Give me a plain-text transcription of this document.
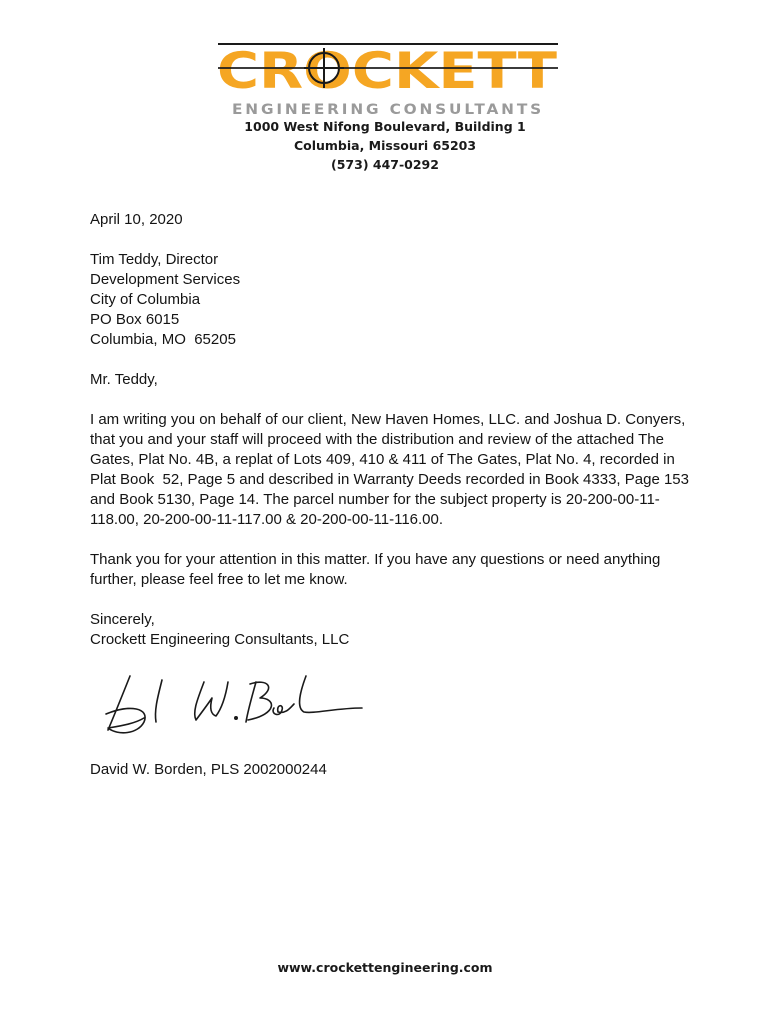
CROCKETT
ENGINEERING CONSULTANTS
1000 West Nifong Boulevard, Building 1
Columbia, Missouri 65203
(573) 447-0292

April 10, 2020

Tim Teddy, Director
Development Services
City of Columbia
PO Box 6015
Columbia, MO  65205

Mr. Teddy,

I am writing you on behalf of our client, New Haven Homes, LLC. and Joshua D. Conyers, that you and your staff will proceed with the distribution and review of the attached The Gates, Plat No. 4B, a replat of Lots 409, 410 & 411 of The Gates, Plat No. 4, recorded in Plat Book  52, Page 5 and described in Warranty Deeds recorded in Book 4333, Page 153 and Book 5130, Page 14. The parcel number for the subject property is 20-200-00-11-118.00, 20-200-00-11-117.00 & 20-200-00-11-116.00.

Thank you for your attention in this matter. If you have any questions or need anything further, please feel free to let me know.

Sincerely,
Crockett Engineering Consultants, LLC

David W. Borden, PLS 2002000244
www.crockettengineering.com
